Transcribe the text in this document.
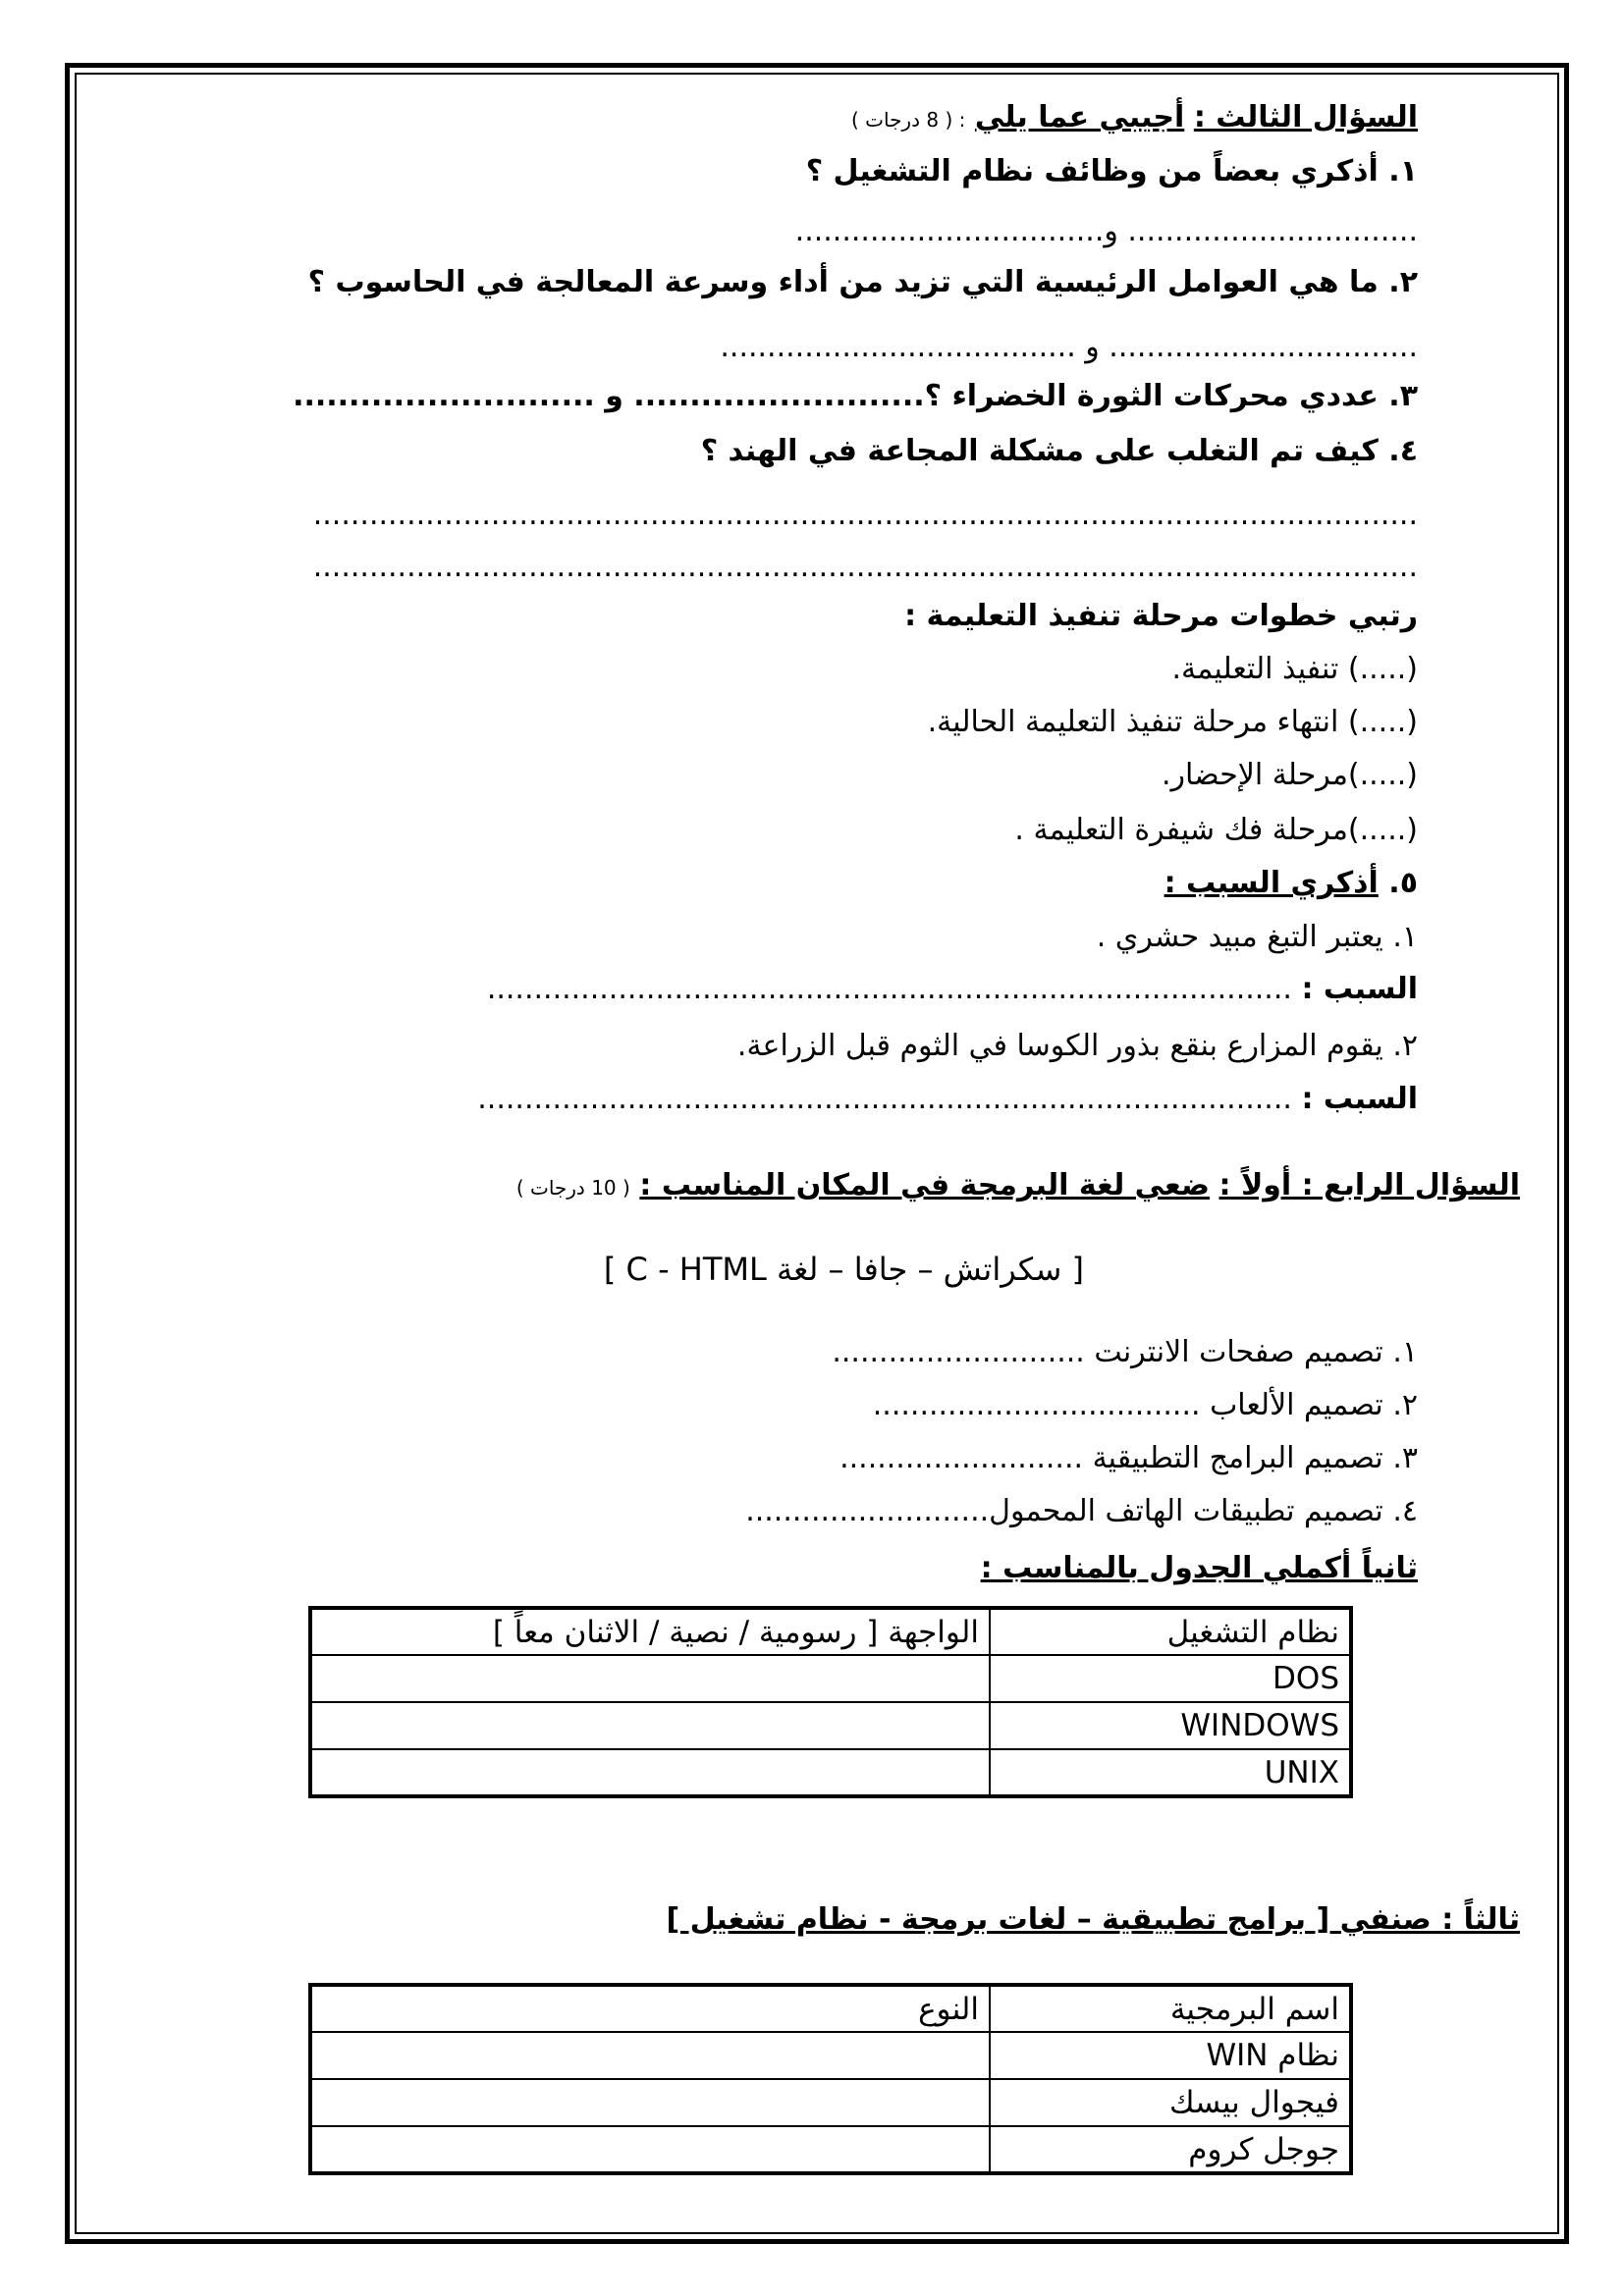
السؤال الثالث : أجيبي عما يلي : ( 8 درجات )
١. أذكري بعضاً من وظائف نظام التشغيل ؟
............................... و.................................
٢. ما هي العوامل الرئيسية التي تزيد من أداء وسرعة المعالجة في الحاسوب ؟
................................. و ......................................
٣. عددي محركات الثورة الخضراء ؟.......................... و ...........................
٤. كيف تم التغلب على مشكلة المجاعة في الهند ؟
......................................................................................................................
......................................................................................................................
رتبي خطوات مرحلة تنفيذ التعليمة :
(.....) تنفيذ التعليمة.
(.....) انتهاء مرحلة تنفيذ التعليمة الحالية.
(.....)مرحلة الإحضار.
(.....)مرحلة فك شيفرة التعليمة .
٥. أذكري السبب :
١. يعتبر التبغ مبيد حشري .
السبب : ......................................................................................
٢. يقوم المزارع بنقع بذور الكوسا في الثوم قبل الزراعة.
السبب : .......................................................................................
السؤال الرابع : أولاً : ضعي لغة البرمجة في المكان المناسب : ( 10 درجات )
[ سكراتش – جافا – لغة C - HTML ]
١. تصميم صفحات الانترنت ...........................
٢. تصميم الألعاب ...................................
٣. تصميم البرامج التطبيقية ..........................
٤. تصميم تطبيقات الهاتف المحمول..........................
ثانياً أكملي الجدول بالمناسب :
نظام التشغيل	الواجهة [ رسومية / نصية / الاثنان معاً ]
DOS	
WINDOWS	
UNIX	
ثالثاً : صنفي [ برامج تطبيقية – لغات برمجة - نظام تشغيل ]
اسم البرمجية	النوع
نظام WIN	
فيجوال بيسك	
جوجل كروم	
